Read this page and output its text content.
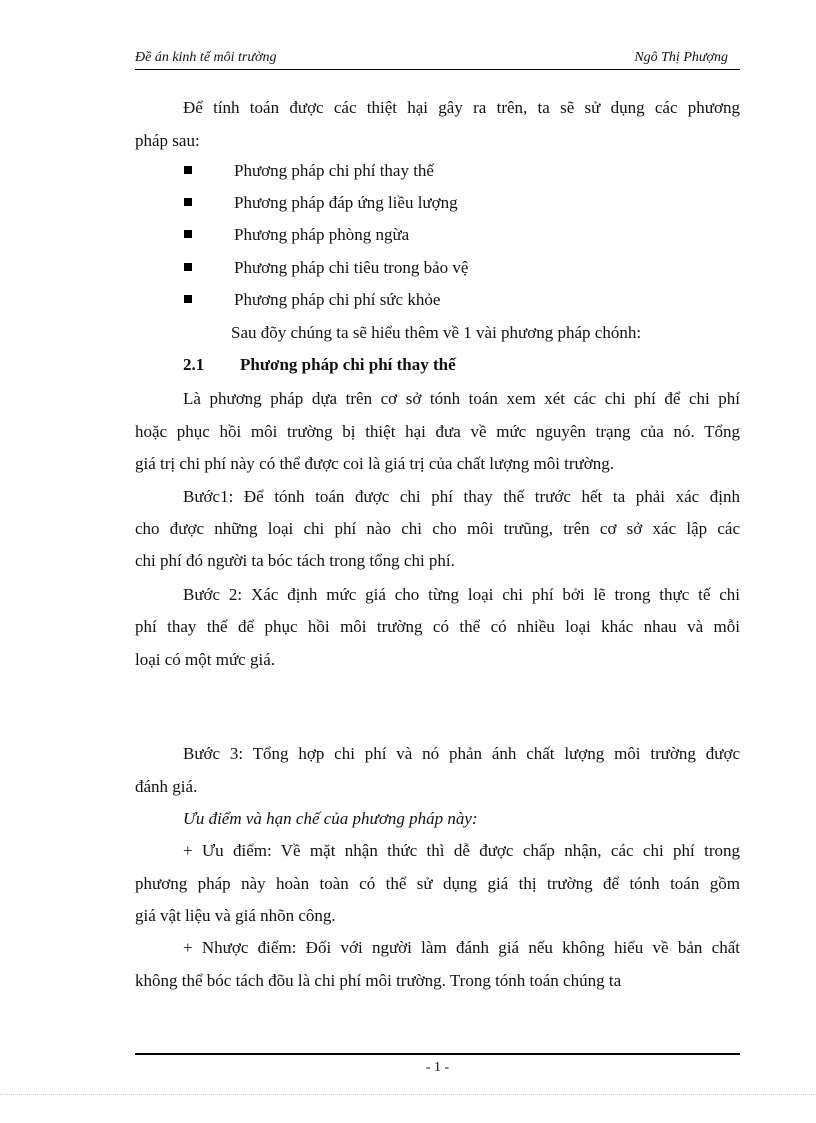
Đề án kinh tế môi trường	Ngô Thị Phượng
Để tính toán được các thiệt hại gây ra trên, ta sẽ sử dụng các phương
pháp sau:
Phương pháp chi phí thay thế
Phương pháp đáp ứng liều lượng
Phương pháp phòng ngừa
Phương pháp chi tiêu trong bảo vệ
Phương pháp chi phí sức khỏe
Sau đõy chúng ta sẽ hiểu thêm về 1 vài phương pháp chónh:
2.1 Phương pháp chi phí thay thế
Là phương pháp dựa trên cơ sở tónh toán xem xét các chi phí để chi phí
hoặc phục hồi môi trường bị thiệt hại đưa về mức nguyên trạng của nó. Tổng
giá trị chi phí này có thể được coi là giá trị của chất lượng môi trường.
Bước1: Để tónh toán được chi phí thay thế trước hết ta phải xác định
cho được những loại chi phí nào chi cho môi trưũng, trên cơ sở xác lập các
chi phí đó người ta bóc tách trong tổng chi phí.
Bước 2: Xác định mức giá cho từng loại chi phí bởi lẽ trong thực tế chi
phí thay thế để phục hồi môi trường có thể có nhiều loại khác nhau và mỗi
loại có một mức giá.
Bước 3: Tổng hợp chi phí và nó phản ánh chất lượng môi trường được
đánh giá.
Ưu điểm và hạn chế của phương pháp này:
+ Ưu điểm: Về mặt nhận thức thì dễ được chấp nhận, các chi phí trong
phương pháp này hoàn toàn có thể sử dụng giá thị trường để tónh toán gồm
giá vật liệu và giá nhõn công.
+ Nhược điểm: Đối với người làm đánh giá nếu không hiểu về bản chất
không thể bóc tách đõu là chi phí môi trường. Trong tónh toán chúng ta
- 1 -
